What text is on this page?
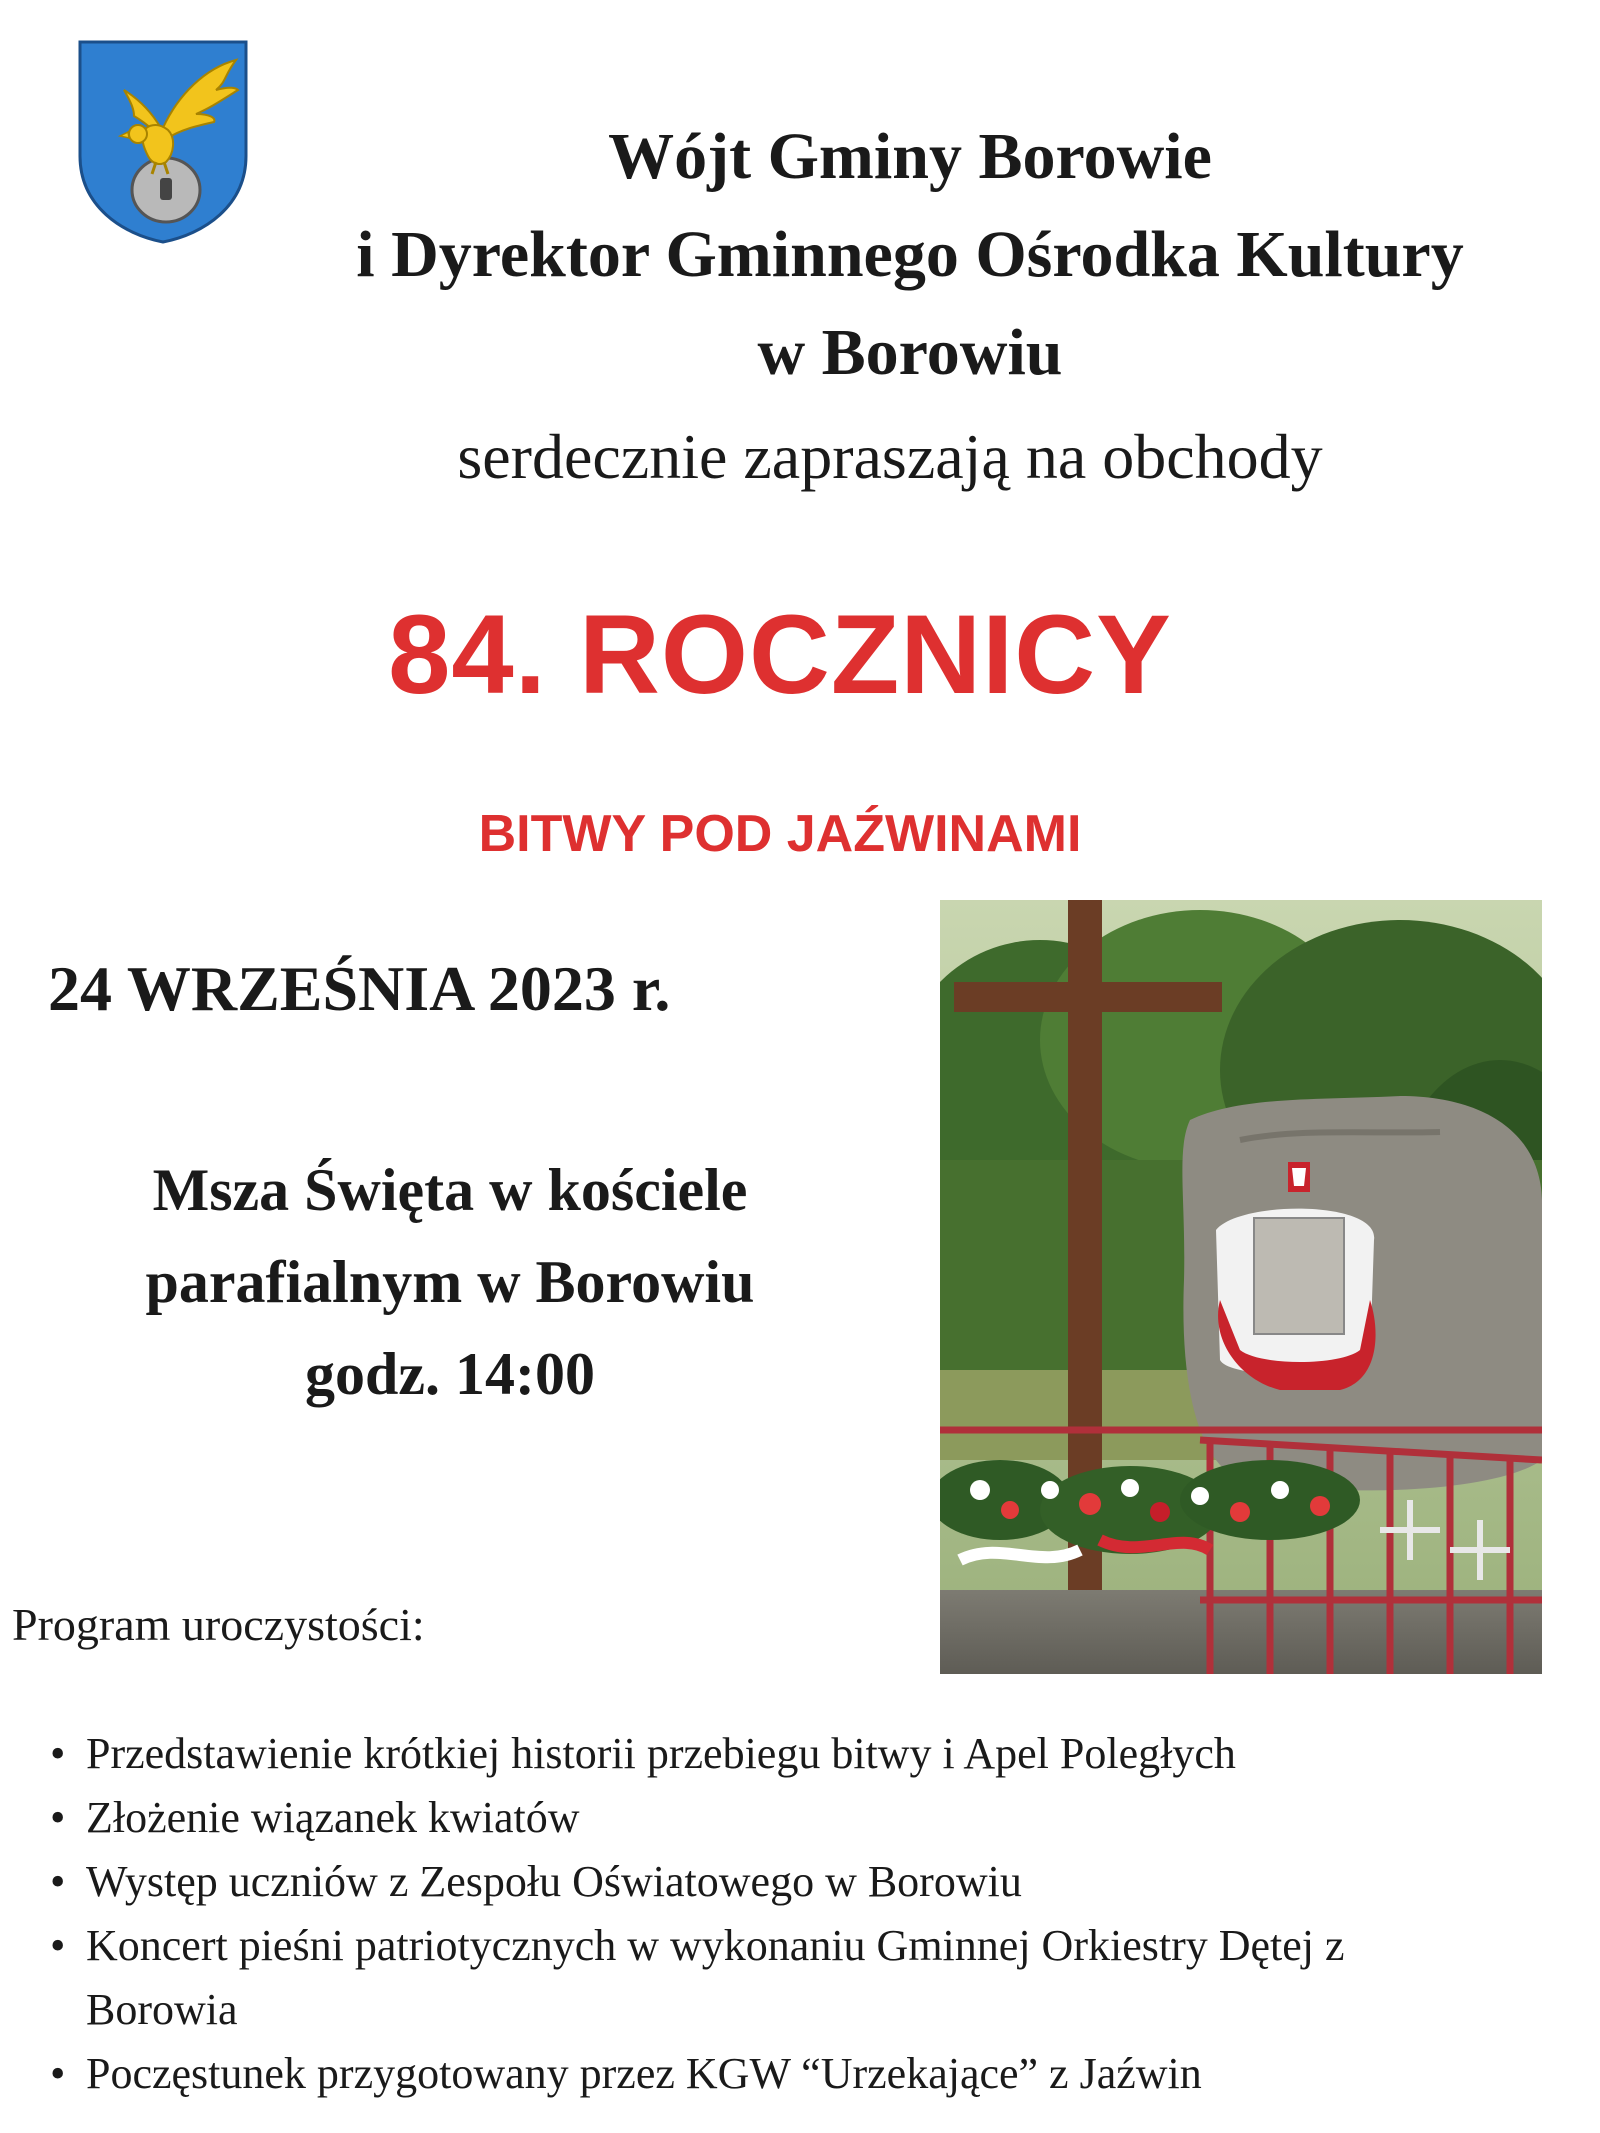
Wójt Gminy Borowie
i Dyrektor Gminnego Ośrodka Kultury
w Borowiu
serdecznie zapraszają na obchody
84. ROCZNICY
BITWY POD JAŹWINAMI
24 WRZEŚNIA 2023 r.
Msza Święta w kościele
parafialnym w Borowiu
godz. 14:00
Program uroczystości:
• Przedstawienie krótkiej historii przebiegu bitwy i Apel Poległych
• Złożenie wiązanek kwiatów
• Występ uczniów z Zespołu Oświatowego w Borowiu
• Koncert pieśni patriotycznych w wykonaniu Gminnej Orkiestry Dętej z Borowia
• Poczęstunek przygotowany przez KGW “Urzekające” z Jaźwin
